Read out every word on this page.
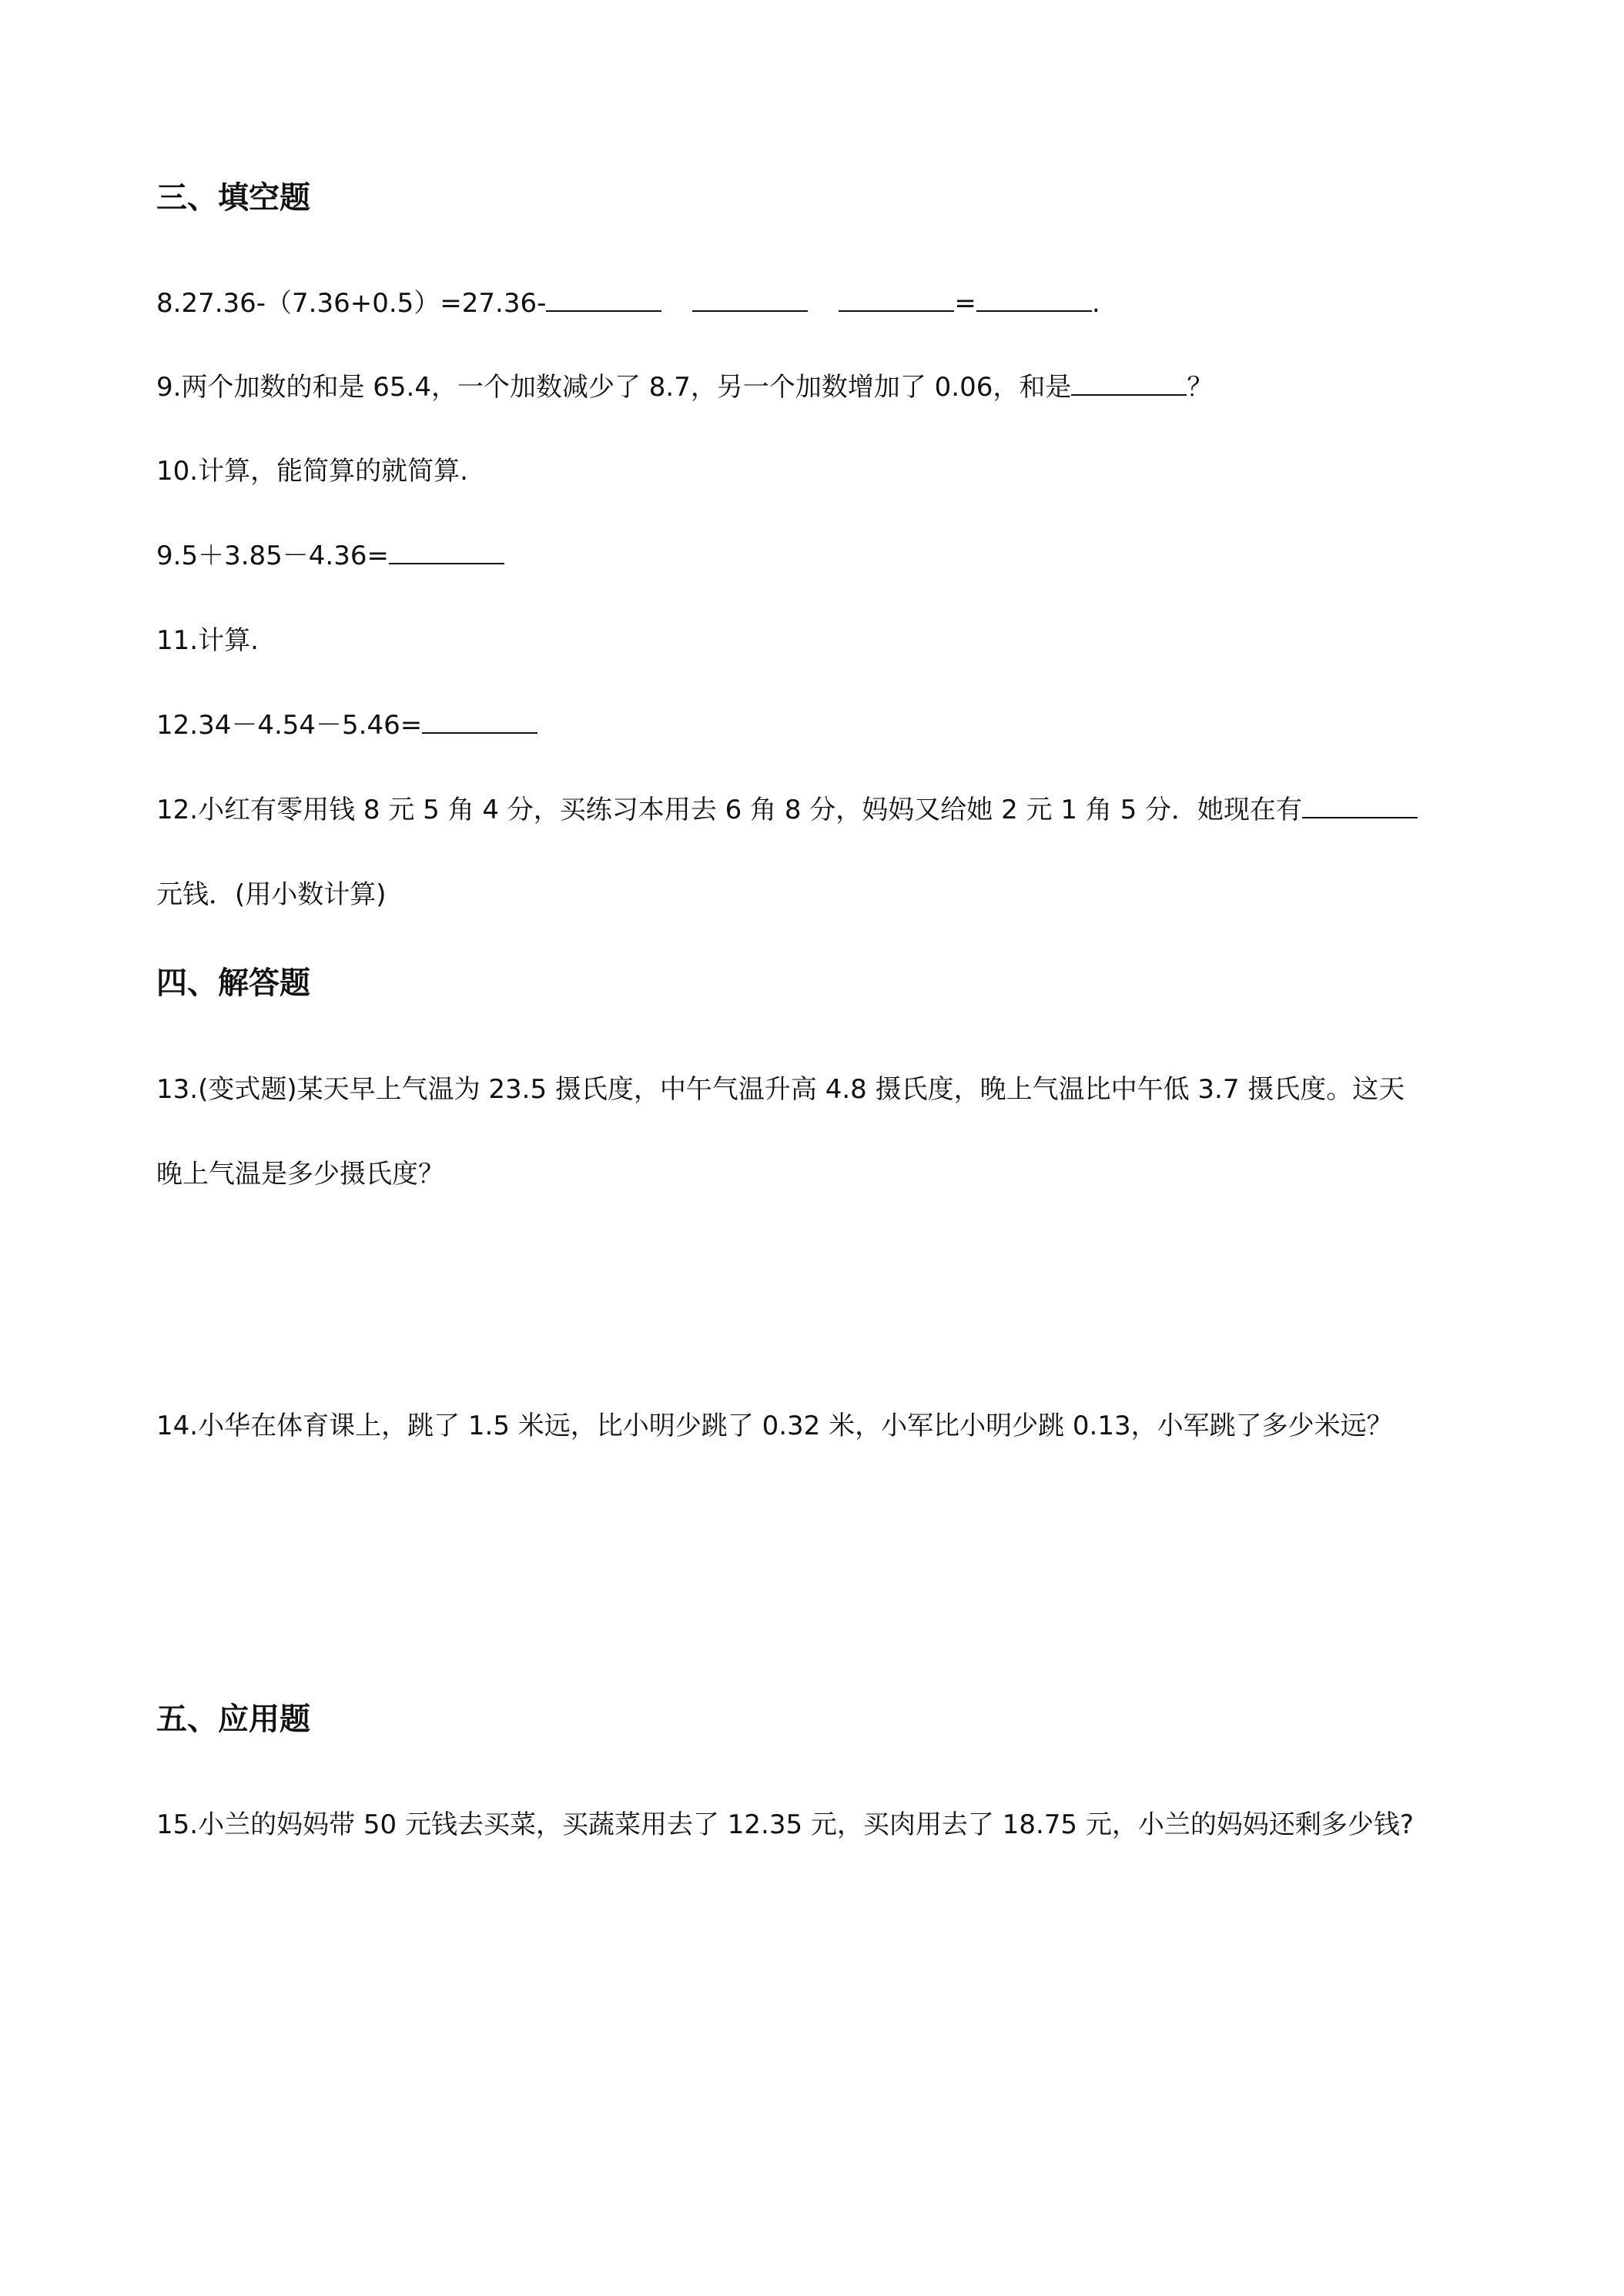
三、填空题
8.27.36-（7.36+0.5）=27.36-	=	.
9.两个加数的和是 65.4，一个加数减少了 8.7，另一个加数增加了 0.06，和是	？
10.计算，能简算的就简算.
9.5＋3.85－4.36=
11.计算.
12.34－4.54－5.46=
12.小红有零用钱 8 元 5 角 4 分，买练习本用去 6 角 8 分，妈妈又给她 2 元 1 角 5 分．她现在有
元钱．(用小数计算)
四、解答题
13.(变式题)某天早上气温为 23.5 摄氏度，中午气温升高 4.8 摄氏度，晚上气温比中午低 3.7 摄氏度。这天
晚上气温是多少摄氏度？
14.小华在体育课上，跳了 1.5 米远，比小明少跳了 0.32 米，小军比小明少跳 0.13，小军跳了多少米远？
五、应用题
15.小兰的妈妈带 50 元钱去买菜，买蔬菜用去了 12.35 元，买肉用去了 18.75 元，小兰的妈妈还剩多少钱?
